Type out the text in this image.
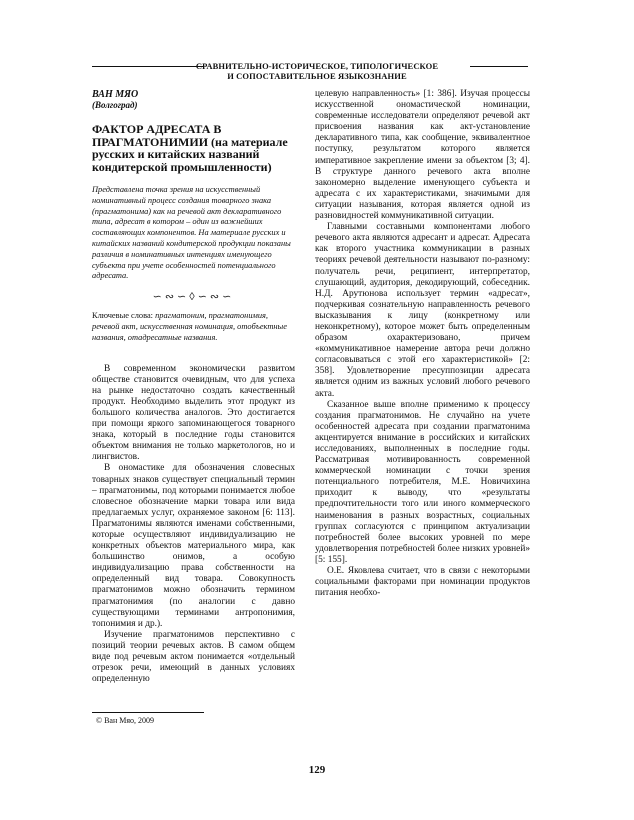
СРАВНИТЕЛЬНО-ИСТОРИЧЕСКОЕ, ТИПОЛОГИЧЕСКОЕ
И СОПОСТАВИТЕЛЬНОЕ ЯЗЫКОЗНАНИЕ
ВАН МЯО
(Волгоград)
ФАКТОР АДРЕСАТА В ПРАГМАТОНИМИИ (на материале русских и китайских названий кондитерской промышленности)

Представлена точка зрения на искусственный номинативный процесс создания товарного знака (прагматонима) как на речевой акт декларативного типа, адресат в котором – один из важнейших составляющих компонентов. На материале русских и китайских названий кондитерской продукции показаны различия в номинативных интенциях именующего субъекта при учете особенностей потенциального адресата.

∽∾∽◊∽∾∽

Ключевые слова: прагматоним, прагматонимия, речевой акт, искусственная номинация, отобъектные названия, отадресатные названия.

В современном экономически развитом обществе становится очевидным, что для успеха на рынке недостаточно создать качественный продукт. Необходимо выделить этот продукт из большого количества аналогов. Это достигается при помощи яркого запоминающегося товарного знака, который в последние годы становится объектом внимания не только маркетологов, но и лингвистов.

В ономастике для обозначения словесных товарных знаков существует специальный термин – прагматонимы, под которыми понимается любое словесное обозначение марки товара или вида предлагаемых услуг, охраняемое законом [6: 113]. Прагматонимы являются именами собственными, которые осуществляют индивидуализацию не конкретных объектов материального мира, как большинство онимов, а особую индивидуализацию права собственности на определенный вид товара. Совокупность прагматонимов можно обозначить термином прагматонимия (по аналогии с давно существующими терминами антропонимия, топонимия и др.).

Изучение прагматонимов перспективно с позиций теории речевых актов. В самом общем виде под речевым актом понимается «отдельный отрезок речи, имеющий в данных условиях определенную

целевую направленность» [1: 386]. Изучая процессы искусственной ономастической номинации, современные исследователи определяют речевой акт присвоения названия как акт-установление декларативного типа, как сообщение, эквивалентное поступку, результатом которого является императивное закрепление имени за объектом [3; 4]. В структуре данного речевого акта вполне закономерно выделение именующего субъекта и адресата с их характеристиками, значимыми для ситуации называния, которая является одной из разновидностей коммуникативной ситуации.

Главными составными компонентами любого речевого акта являются адресант и адресат. Адресата как второго участника коммуникации в разных теориях речевой деятельности называют по-разному: получатель речи, реципиент, интерпретатор, слушающий, аудитория, декодирующий, собеседник. Н.Д. Арутюнова использует термин «адресат», подчеркивая сознательную направленность речевого высказывания к лицу (конкретному или неконкретному), которое может быть определенным образом охарактеризовано, причем «коммуникативное намерение автора речи должно согласовываться с этой его характеристикой» [2: 358]. Удовлетворение пресуппозиции адресата является одним из важных условий любого речевого акта.

Сказанное выше вполне применимо к процессу создания прагматонимов. Не случайно на учете особенностей адресата при создании прагматонима акцентируется внимание в российских и китайских исследованиях, выполненных в последние годы. Рассматривая мотивированность современной коммерческой номинации с точки зрения потенциального потребителя, М.Е. Новичихина приходит к выводу, что «результаты предпочтительности того или иного коммерческого наименования в разных возрастных, социальных группах согласуются с принципом актуализации потребностей более высоких уровней по мере удовлетворения потребностей более низких уровней» [5: 155].

О.Е. Яковлева считает, что в связи с некоторыми социальными факторами при номинации продуктов питания необхо-

© Ван Мяо, 2009
129
